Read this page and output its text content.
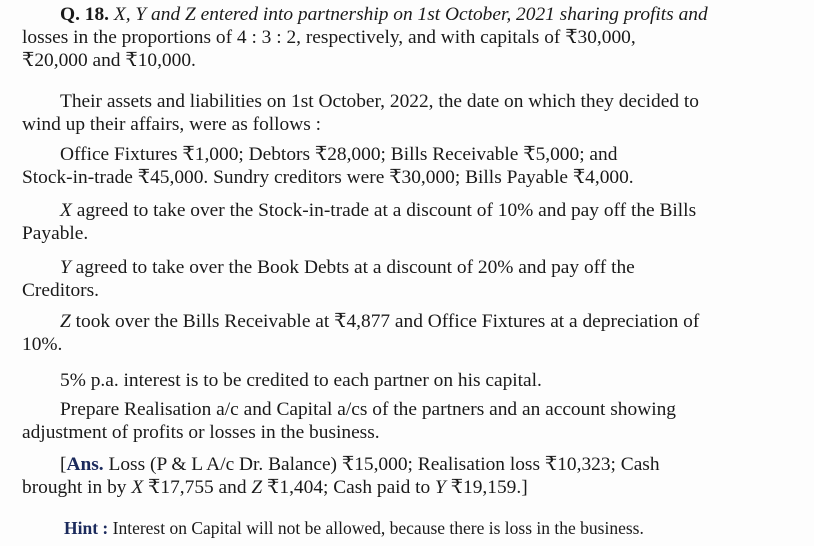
Q. 18. X, Y and Z entered into partnership on 1st October, 2021 sharing profits and
losses in the proportions of 4 : 3 : 2, respectively, and with capitals of ₹30,000,
₹20,000 and ₹10,000.

Their assets and liabilities on 1st October, 2022, the date on which they decided to
wind up their affairs, were as follows :

Office Fixtures ₹1,000; Debtors ₹28,000; Bills Receivable ₹5,000; and
Stock-in-trade ₹45,000. Sundry creditors were ₹30,000; Bills Payable ₹4,000.

X agreed to take over the Stock-in-trade at a discount of 10% and pay off the Bills
Payable.

Y agreed to take over the Book Debts at a discount of 20% and pay off the
Creditors.

Z took over the Bills Receivable at ₹4,877 and Office Fixtures at a depreciation of
10%.

5% p.a. interest is to be credited to each partner on his capital.

Prepare Realisation a/c and Capital a/cs of the partners and an account showing
adjustment of profits or losses in the business.

[Ans. Loss (P & L A/c Dr. Balance) ₹15,000; Realisation loss ₹10,323; Cash
brought in by X ₹17,755 and Z ₹1,404; Cash paid to Y ₹19,159.]

Hint : Interest on Capital will not be allowed, because there is loss in the business.
